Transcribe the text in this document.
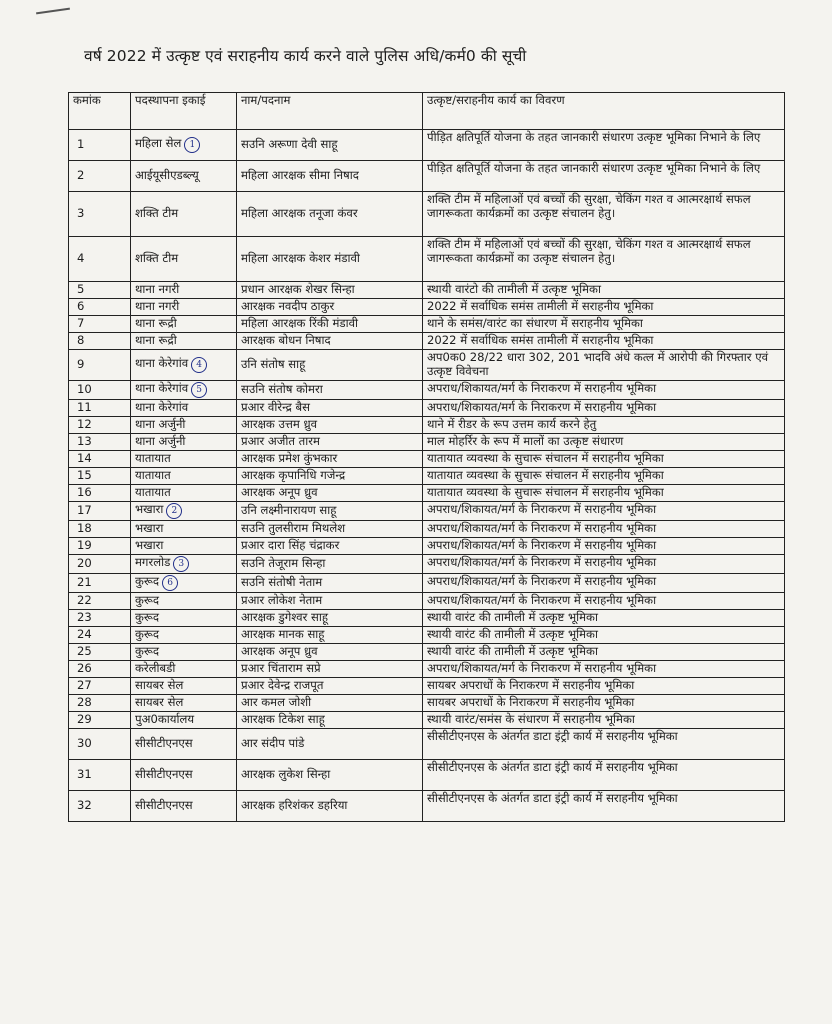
वर्ष 2022 में उत्कृष्ट एवं सराहनीय कार्य करने वाले पुलिस अधि/कर्म0 की सूची
कमांक	पदस्थापना इकाई	नाम/पदनाम	उत्कृष्ट/सराहनीय कार्य का विवरण
1	महिला सेल 1	सउनि अरूणा देवी साहू	पीड़ित क्षतिपूर्ति योजना के तहत जानकारी संधारण उत्कृष्ट भूमिका निभाने के लिए
2	आईयूसीएडब्ल्यू	महिला आरक्षक सीमा निषाद	पीड़ित क्षतिपूर्ति योजना के तहत जानकारी संधारण उत्कृष्ट भूमिका निभाने के लिए
3	शक्ति टीम	महिला आरक्षक तनूजा कंवर	शक्ति टीम में महिलाओं एवं बच्चों की सुरक्षा, चेकिंग गश्त व आत्मरक्षार्थ सफल जागरूकता कार्यक्रमों का उत्कृष्ट संचालन हेतु।
4	शक्ति टीम	महिला आरक्षक केशर मंडावी	शक्ति टीम में महिलाओं एवं बच्चों की सुरक्षा, चेकिंग गश्त व आत्मरक्षार्थ सफल जागरूकता कार्यक्रमों का उत्कृष्ट संचालन हेतु।
5	थाना नगरी	प्रधान आरक्षक शेखर सिन्हा	स्थायी वारंटो की तामीली में उत्कृष्ट भूमिका
6	थाना नगरी	आरक्षक नवदीप ठाकुर	2022 में सर्वाधिक समंस तामीली में सराहनीय भूमिका
7	थाना रूद्री	महिला आरक्षक रिंकी मंडावी	थाने के समंस/वारंट का संधारण में सराहनीय भूमिका
8	थाना रूद्री	आरक्षक बोधन निषाद	2022 में सर्वाधिक समंस तामीली में सराहनीय भूमिका
9	थाना केरेगांव 4	उनि संतोष साहू	अप0क0 28/22 धारा 302, 201 भादवि अंधे कत्ल में आरोपी की गिरफ्तार एवं उत्कृष्ट विवेचना
10	थाना केरेगांव 5	सउनि संतोष कोमरा	अपराध/शिकायत/मर्ग के निराकरण में सराहनीय भूमिका
11	थाना केरेगांव	प्रआर वीरेन्द्र बैस	अपराध/शिकायत/मर्ग के निराकरण में सराहनीय भूमिका
12	थाना अर्जुनी	आरक्षक उत्तम ध्रुव	थाने में रीडर के रूप उत्तम कार्य करने हेतु
13	थाना अर्जुनी	प्रआर अजीत तारम	माल मोहर्रिर के रूप में मालों का उत्कृष्ट संधारण
14	यातायात	आरक्षक प्रमेश कुंभकार	यातायात व्यवस्था के सुचारू संचालन में सराहनीय भूमिका
15	यातायात	आरक्षक कृपानिधि गजेन्द्र	यातायात व्यवस्था के सुचारू संचालन में सराहनीय भूमिका
16	यातायात	आरक्षक अनूप ध्रुव	यातायात व्यवस्था के सुचारू संचालन में सराहनीय भूमिका
17	भखारा 2	उनि लक्ष्मीनारायण साहू	अपराध/शिकायत/मर्ग के निराकरण में सराहनीय भूमिका
18	भखारा	सउनि तुलसीराम मिथलेश	अपराध/शिकायत/मर्ग के निराकरण में सराहनीय भूमिका
19	भखारा	प्रआर दारा सिंह चंद्राकर	अपराध/शिकायत/मर्ग के निराकरण में सराहनीय भूमिका
20	मगरलोड 3	सउनि तेजूराम सिन्हा	अपराध/शिकायत/मर्ग के निराकरण में सराहनीय भूमिका
21	कुरूद 6	सउनि संतोषी नेताम	अपराध/शिकायत/मर्ग के निराकरण में सराहनीय भूमिका
22	कुरूद	प्रआर लोकेश नेताम	अपराध/शिकायत/मर्ग के निराकरण में सराहनीय भूमिका
23	कुरूद	आरक्षक डुगेश्वर साहू	स्थायी वारंट की तामीली में उत्कृष्ट भूमिका
24	कुरूद	आरक्षक मानक साहू	स्थायी वारंट की तामीली में उत्कृष्ट भूमिका
25	कुरूद	आरक्षक अनूप ध्रुव	स्थायी वारंट की तामीली में उत्कृष्ट भूमिका
26	करेलीबडी	प्रआर चिंताराम सप्रे	अपराध/शिकायत/मर्ग के निराकरण में सराहनीय भूमिका
27	सायबर सेल	प्रआर देवेन्द्र राजपूत	सायबर अपराधों के निराकरण में सराहनीय भूमिका
28	सायबर सेल	आर कमल जोशी	सायबर अपराधों के निराकरण में सराहनीय भूमिका
29	पुअ0कार्यालय	आरक्षक टिकेश साहू	स्थायी वारंट/समंस के संधारण में सराहनीय भूमिका
30	सीसीटीएनएस	आर संदीप पांडे	सीसीटीएनएस के अंतर्गत डाटा इंट्री कार्य में सराहनीय भूमिका
31	सीसीटीएनएस	आरक्षक लुकेश सिन्हा	सीसीटीएनएस के अंतर्गत डाटा इंट्री कार्य में सराहनीय भूमिका
32	सीसीटीएनएस	आरक्षक हरिशंकर डहरिया	सीसीटीएनएस के अंतर्गत डाटा इंट्री कार्य में सराहनीय भूमिका
